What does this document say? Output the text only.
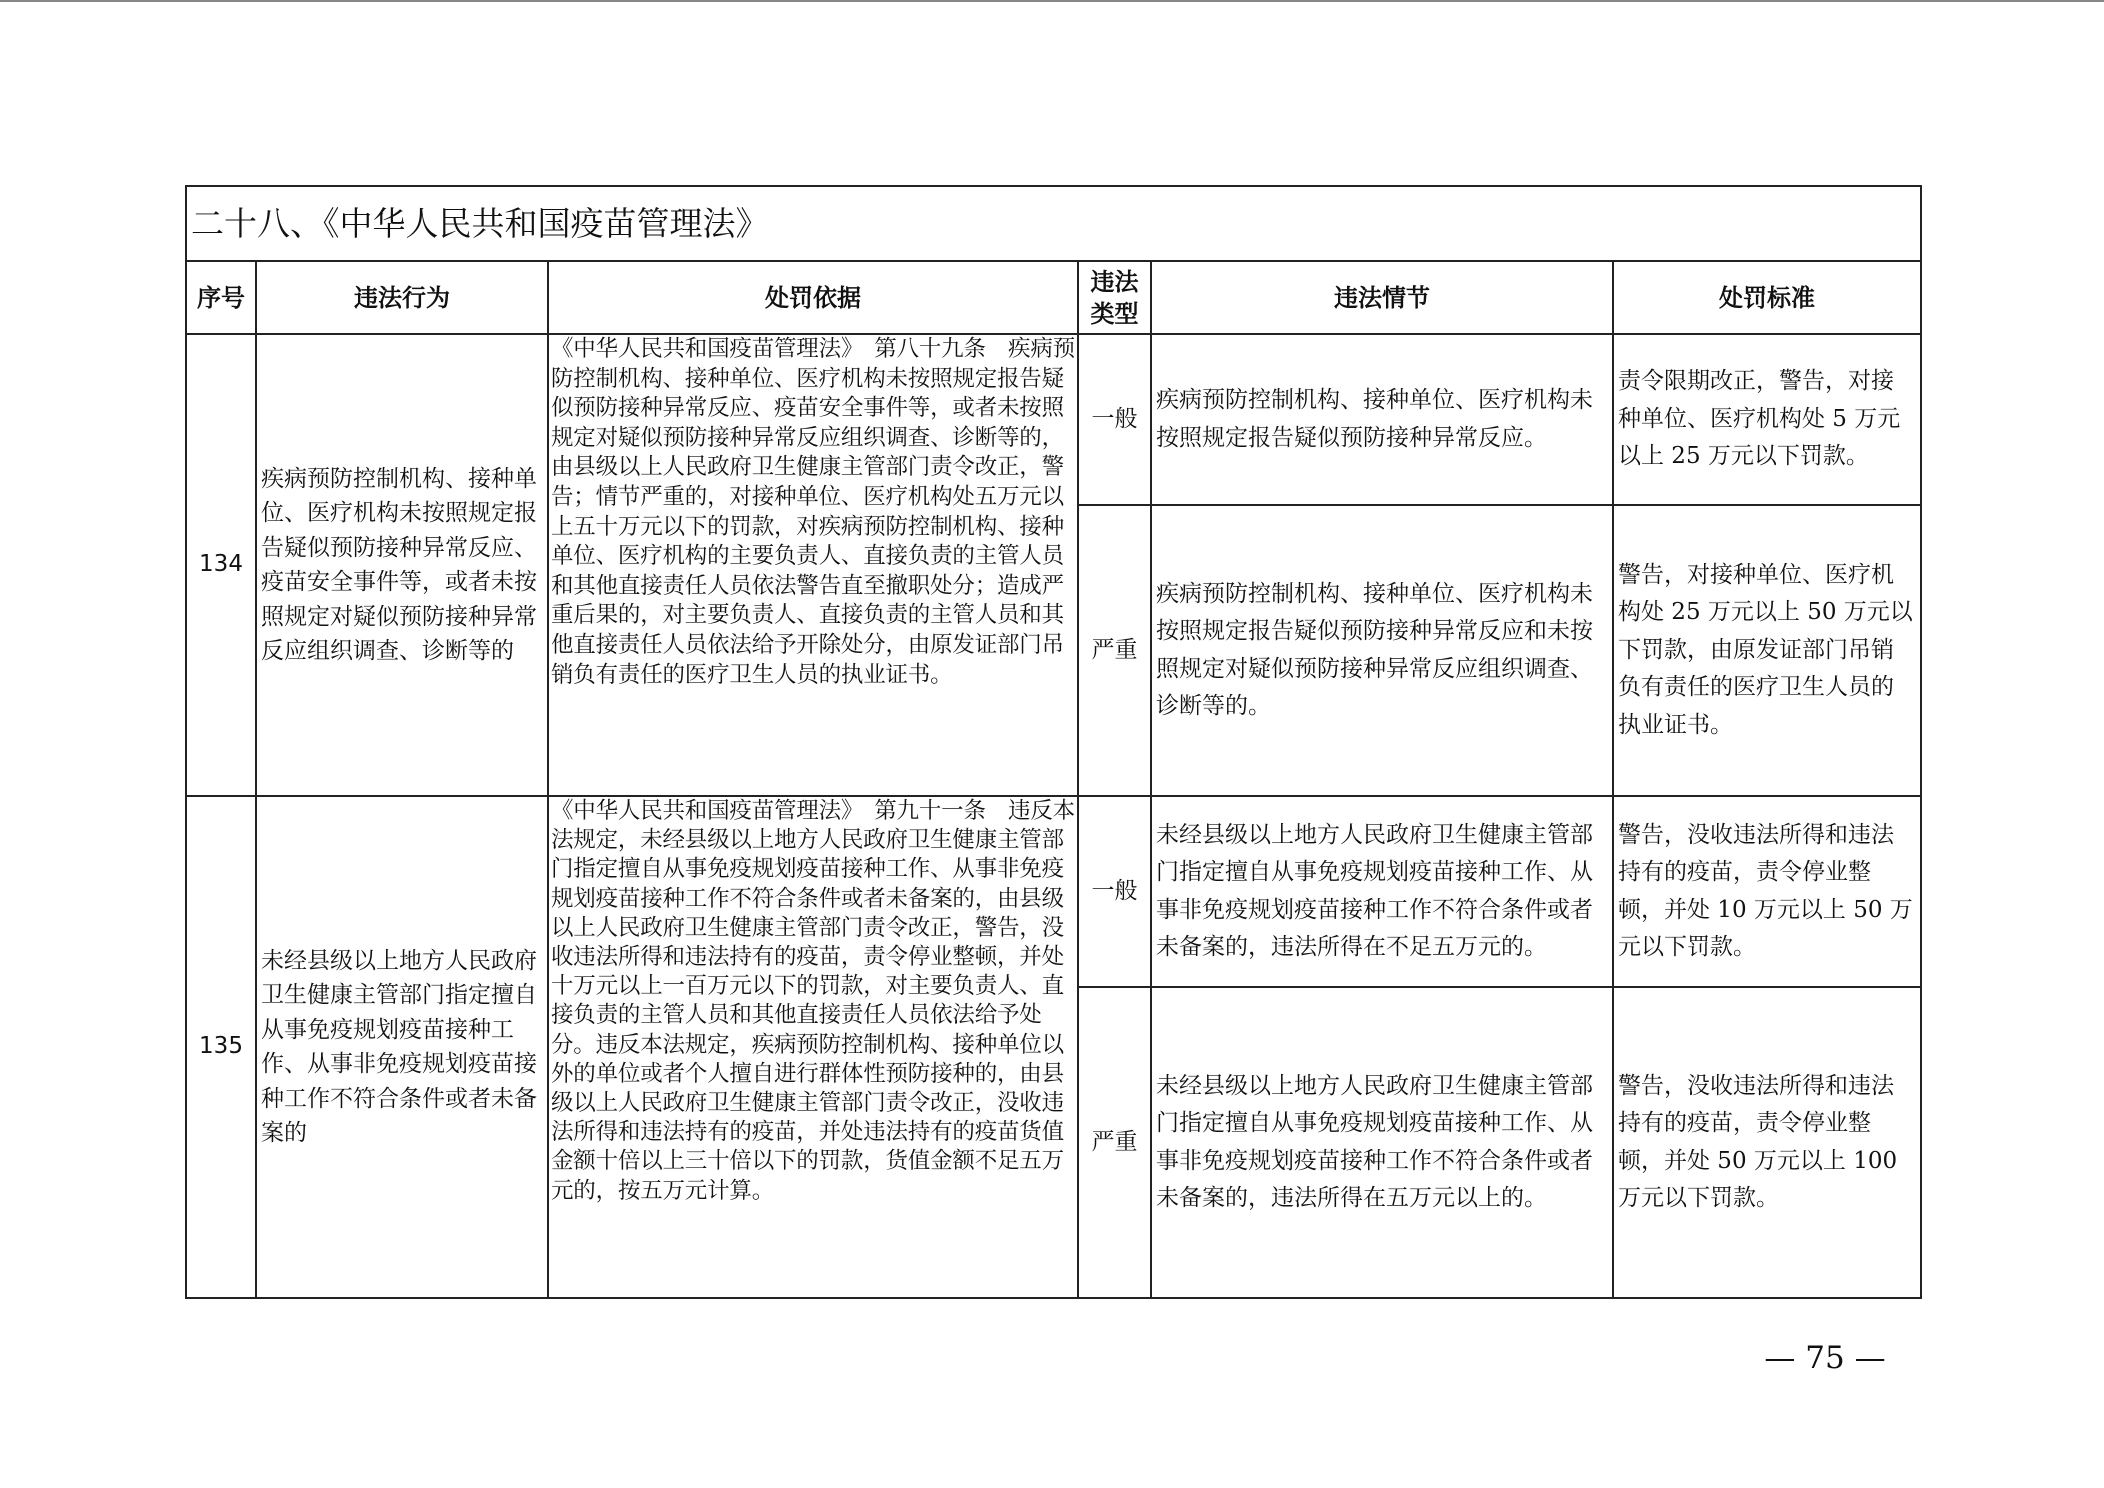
二十八、《中华人民共和国疫苗管理法》					
序号	违法行为	处罚依据	违法类型	违法情节	处罚标准
134	疾病预防控制机构、接种单位、医疗机构未按照规定报告疑似预防接种异常反应、疫苗安全事件等，或者未按照规定对疑似预防接种异常反应组织调查、诊断等的	《中华人民共和国疫苗管理法》　第八十九条　疾病预防控制机构、接种单位、医疗机构未按照规定报告疑似预防接种异常反应、疫苗安全事件等，或者未按照规定对疑似预防接种异常反应组织调查、诊断等的，由县级以上人民政府卫生健康主管部门责令改正，警告；情节严重的，对接种单位、医疗机构处五万元以上五十万元以下的罚款，对疾病预防控制机构、接种单位、医疗机构的主要负责人、直接负责的主管人员和其他直接责任人员依法警告直至撤职处分；造成严重后果的，对主要负责人、直接负责的主管人员和其他直接责任人员依法给予开除处分，由原发证部门吊销负有责任的医疗卫生人员的执业证书。	一般	疾病预防控制机构、接种单位、医疗机构未按照规定报告疑似预防接种异常反应。	责令限期改正，警告，对接种单位、医疗机构处 5 万元以上 25 万元以下罚款。
			严重	疾病预防控制机构、接种单位、医疗机构未按照规定报告疑似预防接种异常反应和未按照规定对疑似预防接种异常反应组织调查、诊断等的。	警告，对接种单位、医疗机构处 25 万元以上 50 万元以下罚款，由原发证部门吊销负有责任的医疗卫生人员的执业证书。
135	未经县级以上地方人民政府卫生健康主管部门指定擅自从事免疫规划疫苗接种工作、从事非免疫规划疫苗接种工作不符合条件或者未备案的	《中华人民共和国疫苗管理法》　第九十一条　违反本法规定，未经县级以上地方人民政府卫生健康主管部门指定擅自从事免疫规划疫苗接种工作、从事非免疫规划疫苗接种工作不符合条件或者未备案的，由县级以上人民政府卫生健康主管部门责令改正，警告，没收违法所得和违法持有的疫苗，责令停业整顿，并处十万元以上一百万元以下的罚款，对主要负责人、直接负责的主管人员和其他直接责任人员依法给予处分。违反本法规定，疾病预防控制机构、接种单位以外的单位或者个人擅自进行群体性预防接种的，由县级以上人民政府卫生健康主管部门责令改正，没收违法所得和违法持有的疫苗，并处违法持有的疫苗货值金额十倍以上三十倍以下的罚款，货值金额不足五万元的，按五万元计算。	一般	未经县级以上地方人民政府卫生健康主管部门指定擅自从事免疫规划疫苗接种工作、从事非免疫规划疫苗接种工作不符合条件或者未备案的，违法所得在不足五万元的。	警告，没收违法所得和违法持有的疫苗，责令停业整顿，并处 10 万元以上 50 万元以下罚款。
			严重	未经县级以上地方人民政府卫生健康主管部门指定擅自从事免疫规划疫苗接种工作、从事非免疫规划疫苗接种工作不符合条件或者未备案的，违法所得在五万元以上的。	警告，没收违法所得和违法持有的疫苗，责令停业整顿，并处 50 万元以上 100 万元以下罚款。
— 75 —
